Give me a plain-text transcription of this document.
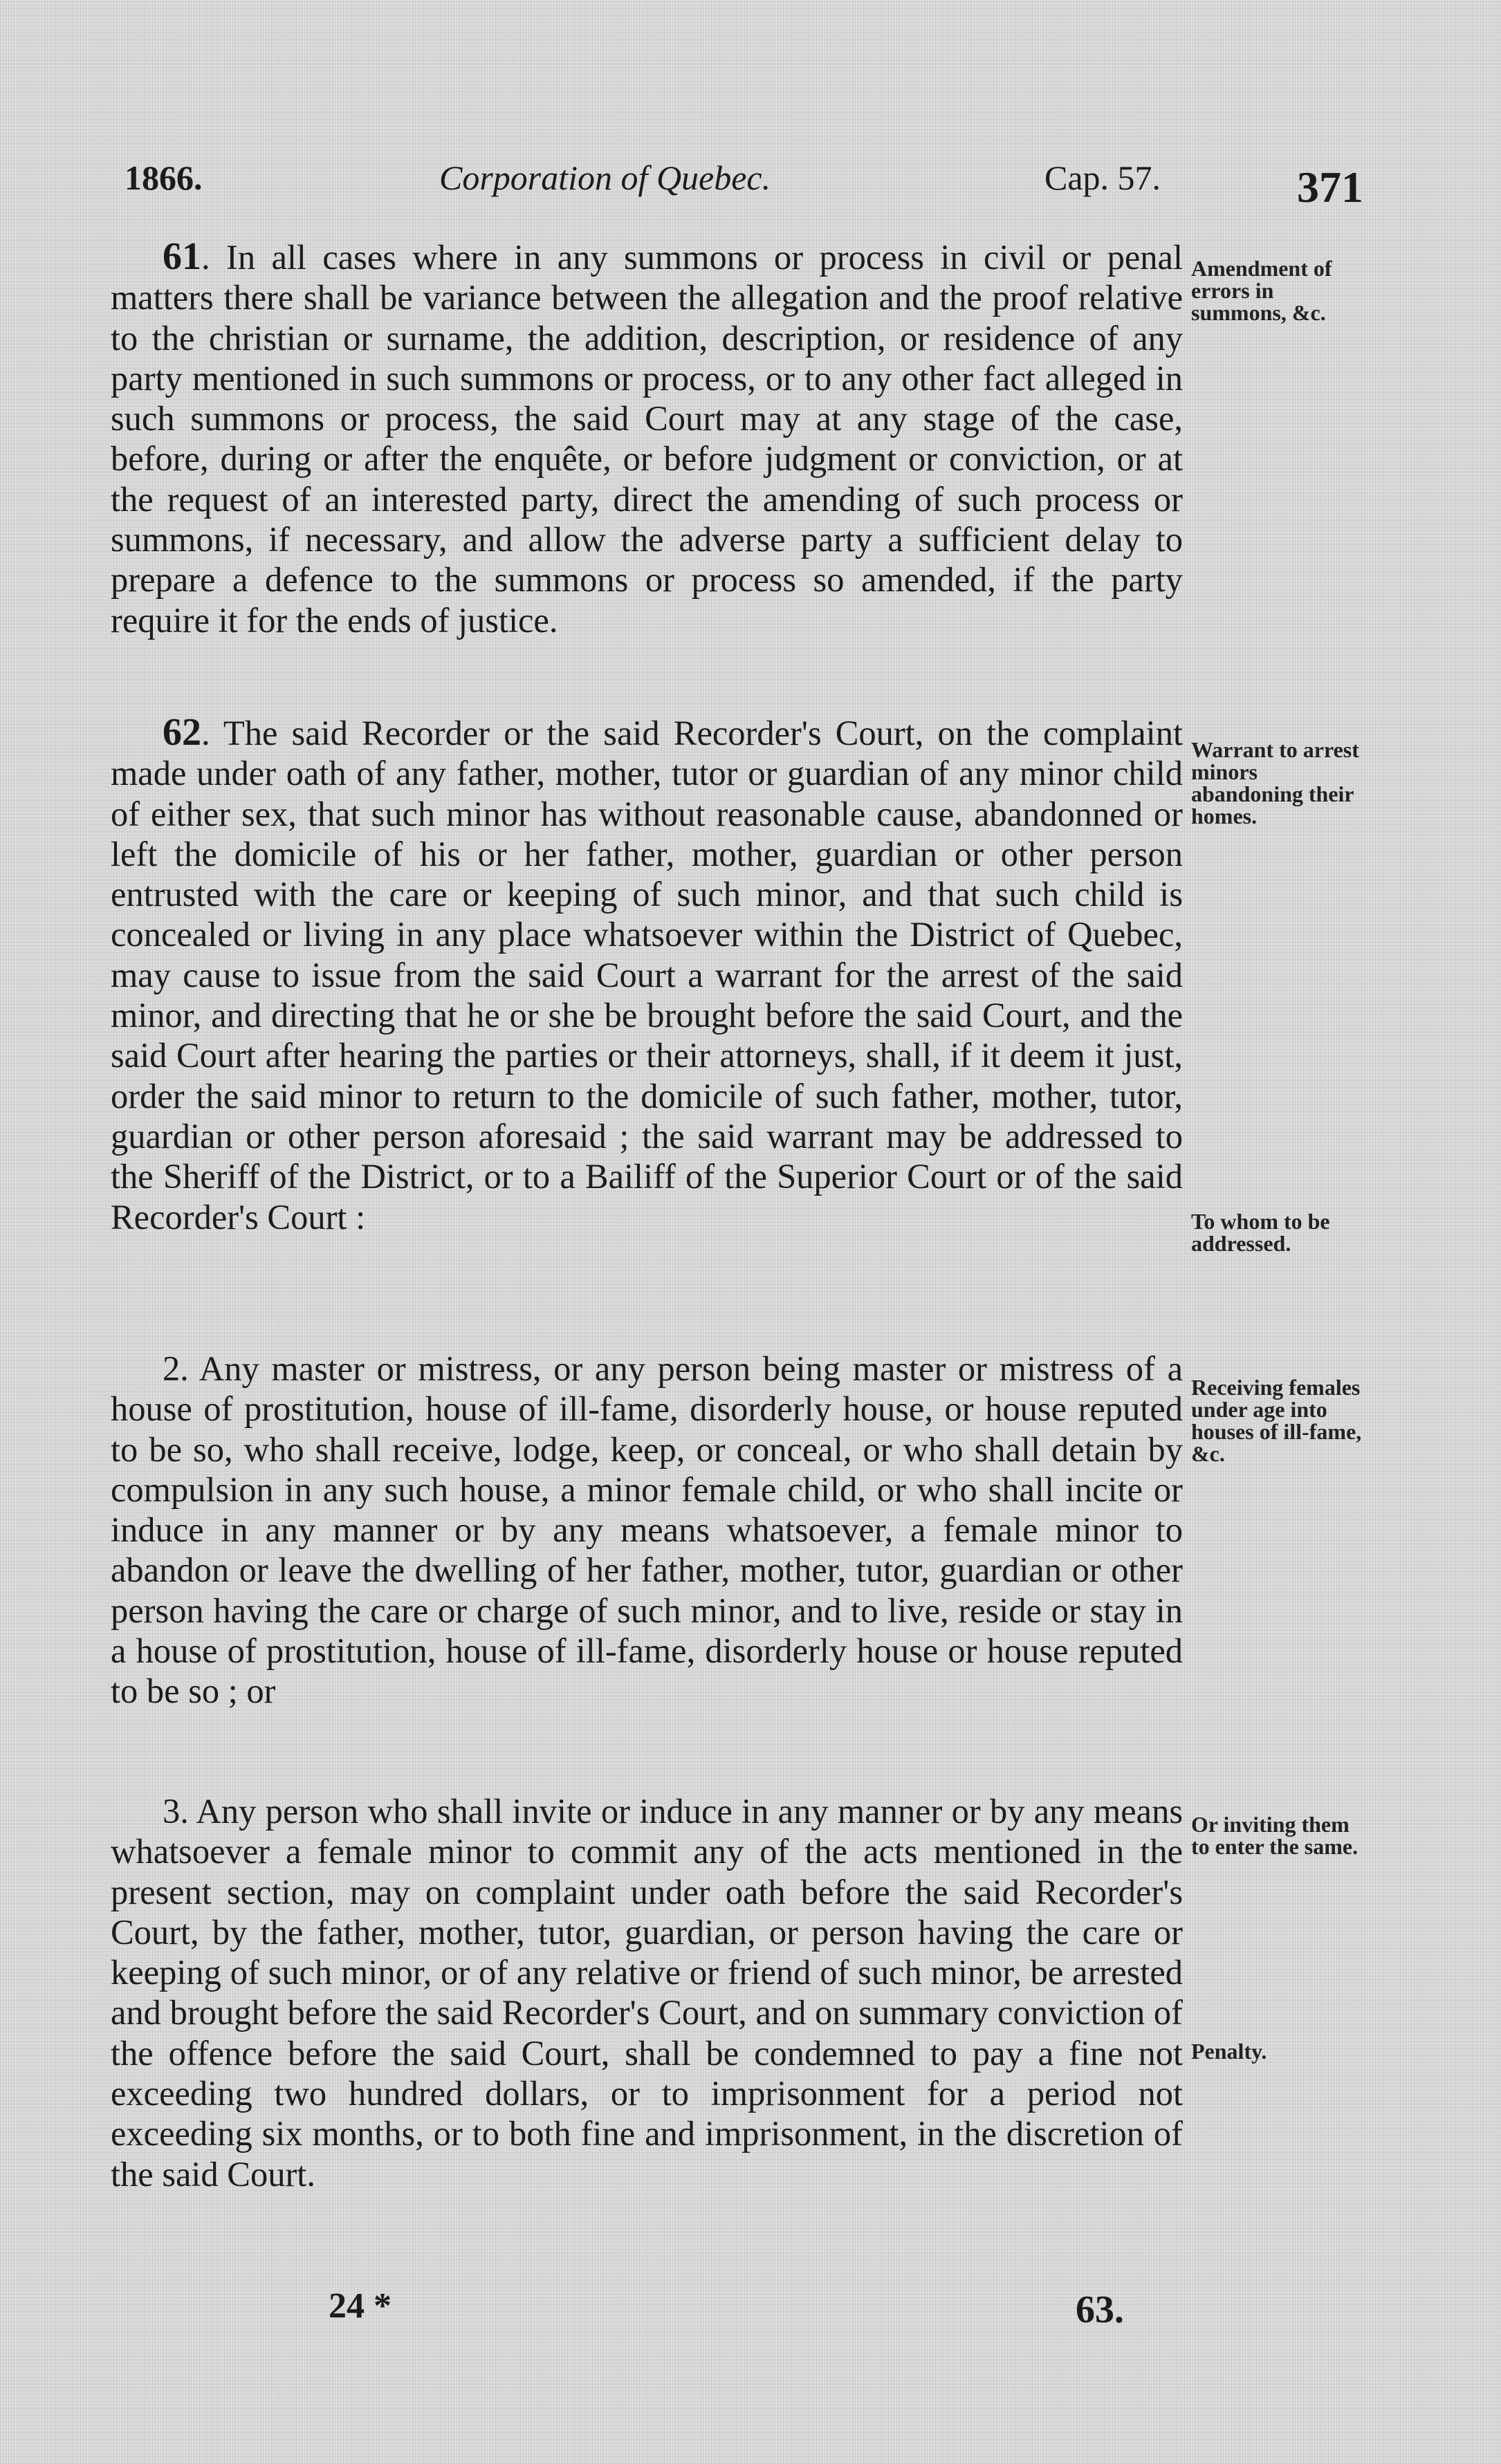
1866.	Corporation of Quebec.	Cap. 57.	371

61. In all cases where in any summons or process in civil or penal matters there shall be variance between the allegation and the proof relative to the christian or surname, the addition, description, or residence of any party mentioned in such summons or process, or to any other fact alleged in such summons or process, the said Court may at any stage of the case, before, during or after the enquête, or before judgment or conviction, or at the request of an interested party, direct the amending of such process or summons, if necessary, and allow the adverse party a sufficient delay to prepare a defence to the summons or process so amended, if the party require it for the ends of justice.

62. The said Recorder or the said Recorder's Court, on the complaint made under oath of any father, mother, tutor or guardian of any minor child of either sex, that such minor has without reasonable cause, abandonned or left the domicile of his or her father, mother, guardian or other person entrusted with the care or keeping of such minor, and that such child is concealed or living in any place whatsoever within the District of Quebec, may cause to issue from the said Court a warrant for the arrest of the said minor, and directing that he or she be brought before the said Court, and the said Court after hearing the parties or their attorneys, shall, if it deem it just, order the said minor to return to the domicile of such father, mother, tutor, guardian or other person aforesaid ; the said warrant may be addressed to the Sheriff of the District, or to a Bailiff of the Superior Court or of the said Recorder's Court :

2. Any master or mistress, or any person being master or mistress of a house of prostitution, house of ill-fame, disorderly house, or house reputed to be so, who shall receive, lodge, keep, or conceal, or who shall detain by compulsion in any such house, a minor female child, or who shall incite or induce in any manner or by any means whatsoever, a female minor to abandon or leave the dwelling of her father, mother, tutor, guardian or other person having the care or charge of such minor, and to live, reside or stay in a house of prostitution, house of ill-fame, disorderly house or house reputed to be so ; or

3. Any person who shall invite or induce in any manner or by any means whatsoever a female minor to commit any of the acts mentioned in the present section, may on complaint under oath before the said Recorder's Court, by the father, mother, tutor, guardian, or person having the care or keeping of such minor, or of any relative or friend of such minor, be arrested and brought before the said Recorder's Court, and on summary conviction of the offence before the said Court, shall be condemned to pay a fine not exceeding two hundred dollars, or to imprisonment for a period not exceeding six months, or to both fine and imprisonment, in the discretion of the said Court.

Amendment of errors in summons, &c.
Warrant to arrest minors abandoning their homes.
To whom to be addressed.
Receiving females under age into houses of ill-fame, &c.
Or inviting them to enter the same.
Penalty.
24 *	63.
